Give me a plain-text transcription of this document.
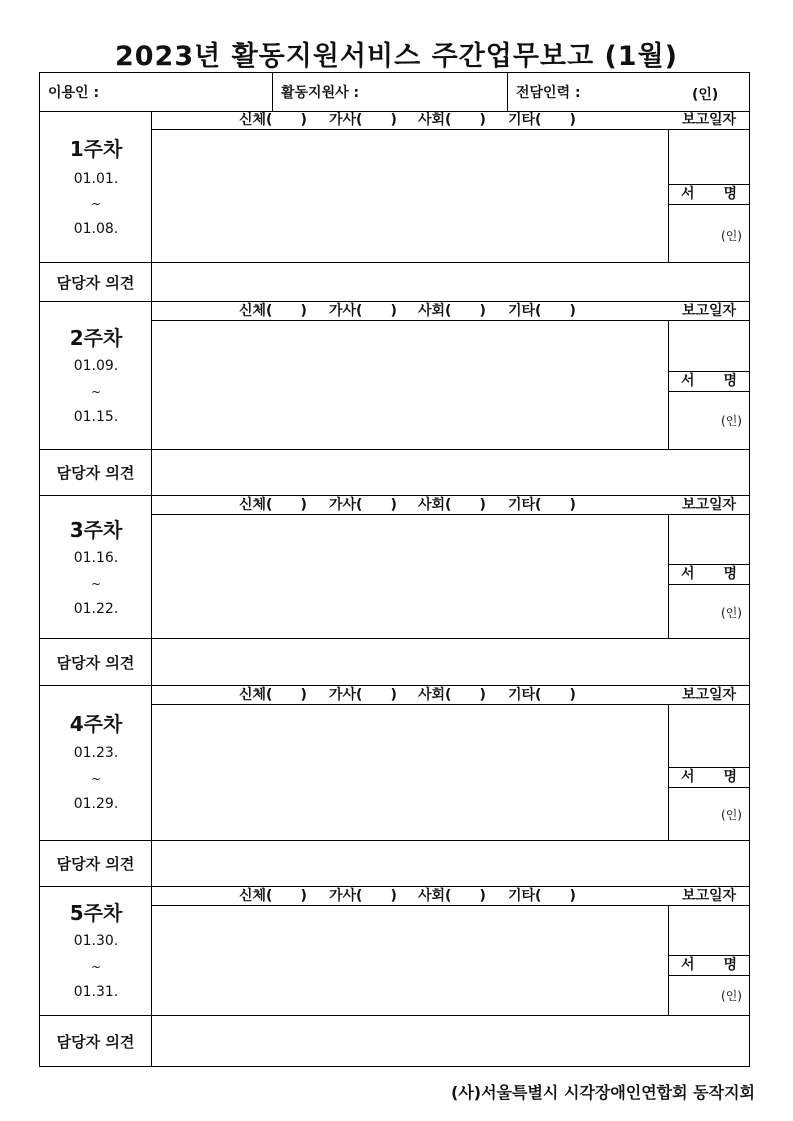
2023년 활동지원서비스 주간업무보고 (1월)
이용인 :	활동지원사 :	전담인력 :	(인)
1주차
01.01.
~
01.08.
신체(　　) 가사(　　) 사회(　　) 기타(　　)	보고일자
서 명
(인)
담당자 의견
2주차
01.09.
~
01.15.
신체(　　) 가사(　　) 사회(　　) 기타(　　)	보고일자
서 명
(인)
담당자 의견
3주차
01.16.
~
01.22.
신체(　　) 가사(　　) 사회(　　) 기타(　　)	보고일자
서 명
(인)
담당자 의견
4주차
01.23.
~
01.29.
신체(　　) 가사(　　) 사회(　　) 기타(　　)	보고일자
서 명
(인)
담당자 의견
5주차
01.30.
~
01.31.
신체(　　) 가사(　　) 사회(　　) 기타(　　)	보고일자
서 명
(인)
담당자 의견
(사)서울특별시 시각장애인연합회 동작지회
